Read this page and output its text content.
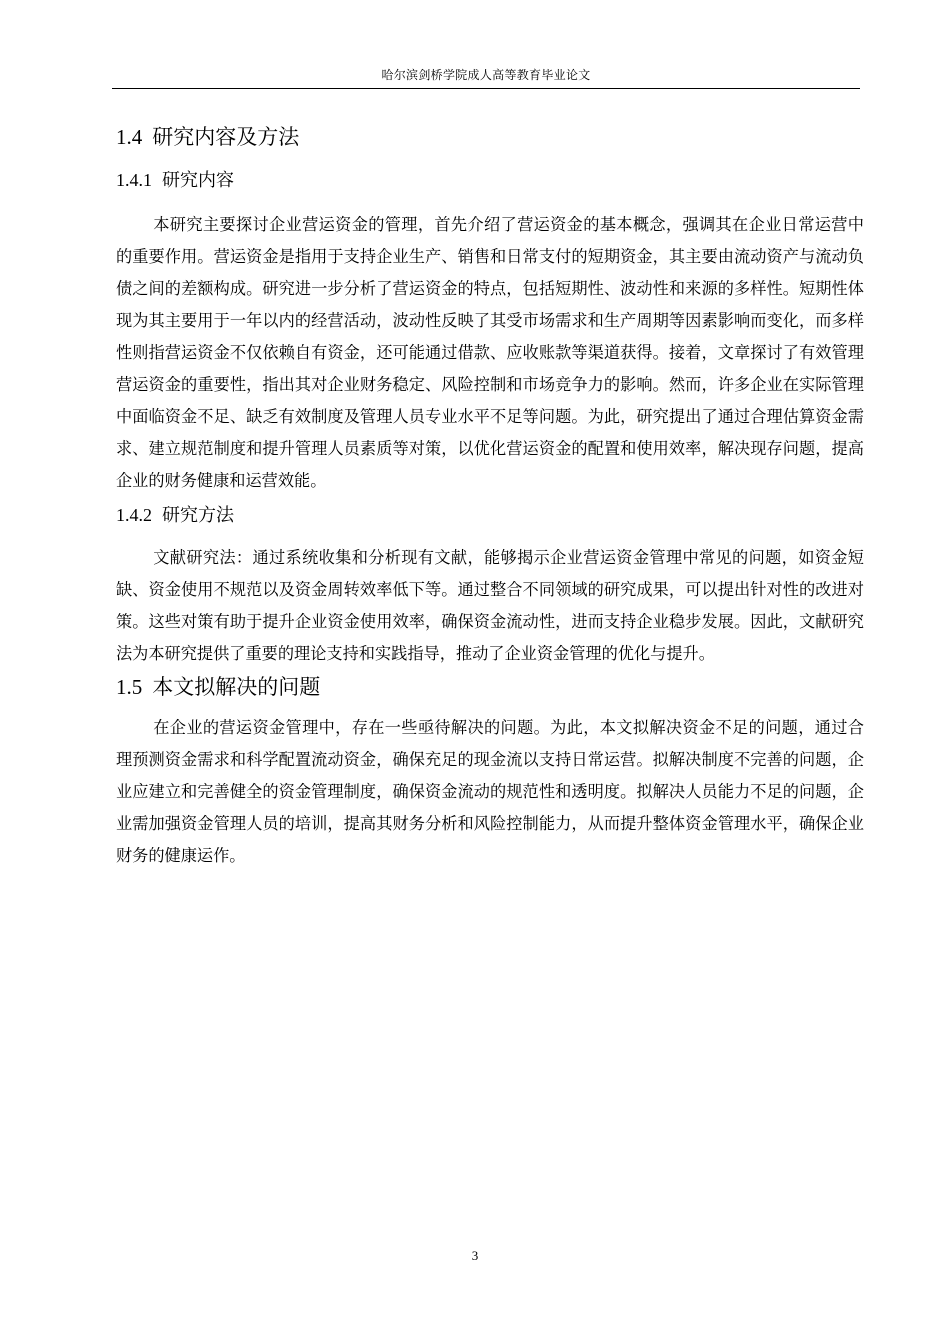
哈尔滨剑桥学院成人高等教育毕业论文
1.4 研究内容及方法
1.4.1 研究内容

本研究主要探讨企业营运资金的管理，首先介绍了营运资金的基本概念，强调其在企业日常运营中的重要作用。营运资金是指用于支持企业生产、销售和日常支付的短期资金，其主要由流动资产与流动负债之间的差额构成。研究进一步分析了营运资金的特点，包括短期性、波动性和来源的多样性。短期性体现为其主要用于一年以内的经营活动，波动性反映了其受市场需求和生产周期等因素影响而变化，而多样性则指营运资金不仅依赖自有资金，还可能通过借款、应收账款等渠道获得。接着，文章探讨了有效管理营运资金的重要性，指出其对企业财务稳定、风险控制和市场竞争力的影响。然而，许多企业在实际管理中面临资金不足、缺乏有效制度及管理人员专业水平不足等问题。为此，研究提出了通过合理估算资金需求、建立规范制度和提升管理人员素质等对策，以优化营运资金的配置和使用效率，解决现存问题，提高企业的财务健康和运营效能。

1.4.2 研究方法

文献研究法：通过系统收集和分析现有文献，能够揭示企业营运资金管理中常见的问题，如资金短缺、资金使用不规范以及资金周转效率低下等。通过整合不同领域的研究成果，可以提出针对性的改进对策。这些对策有助于提升企业资金使用效率，确保资金流动性，进而支持企业稳步发展。因此，文献研究法为本研究提供了重要的理论支持和实践指导，推动了企业资金管理的优化与提升。

1.5 本文拟解决的问题

在企业的营运资金管理中，存在一些亟待解决的问题。为此，本文拟解决资金不足的问题，通过合理预测资金需求和科学配置流动资金，确保充足的现金流以支持日常运营。拟解决制度不完善的问题，企业应建立和完善健全的资金管理制度，确保资金流动的规范性和透明度。拟解决人员能力不足的问题，企业需加强资金管理人员的培训，提高其财务分析和风险控制能力，从而提升整体资金管理水平，确保企业财务的健康运作。

3
